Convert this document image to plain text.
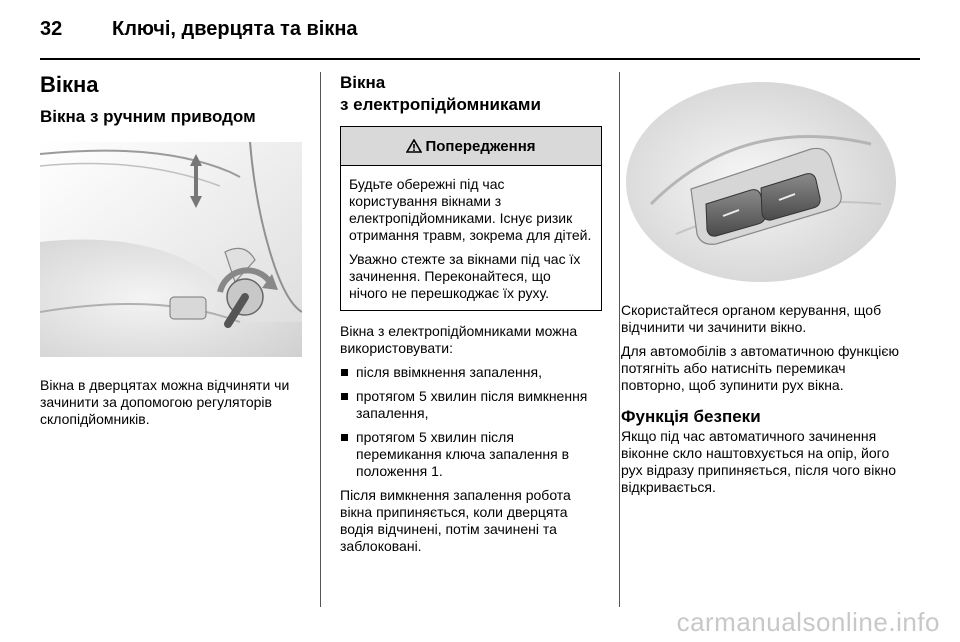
32 Ключі, дверцята та вікна
Вікна
Вікна з ручним приводом

Вікна в дверцятах можна відчиняти чи зачинити за допомогою регуляторів склопідйомників.

Вікна
з електропідйомниками
Попередження

Будьте обережні під час користування вікнами з електропідйомниками. Існує ризик отримання травм, зокрема для дітей.

Уважно стежте за вікнами під час їх зачинення. Переконайтеся, що нічого не перешкоджає їх руху.

Вікна з електропідйомниками можна використовувати:

після ввімкнення запалення,
протягом 5 хвилин після вимкнення запалення,
протягом 5 хвилин після перемикання ключа запалення в положення 1.

Після вимкнення запалення робота вікна припиняється, коли дверцята водія відчинені, потім зачинені та заблоковані.

Скористайтеся органом керування, щоб відчинити чи зачинити вікно.

Для автомобілів з автоматичною функцією потягніть або натисніть перемикач повторно, щоб зупинити рух вікна.

Функція безпеки

Якщо під час автоматичного зачинення віконне скло наштовхується на опір, його рух відразу припиняється, після чого вікно відкривається.

carmanualsonline.info
